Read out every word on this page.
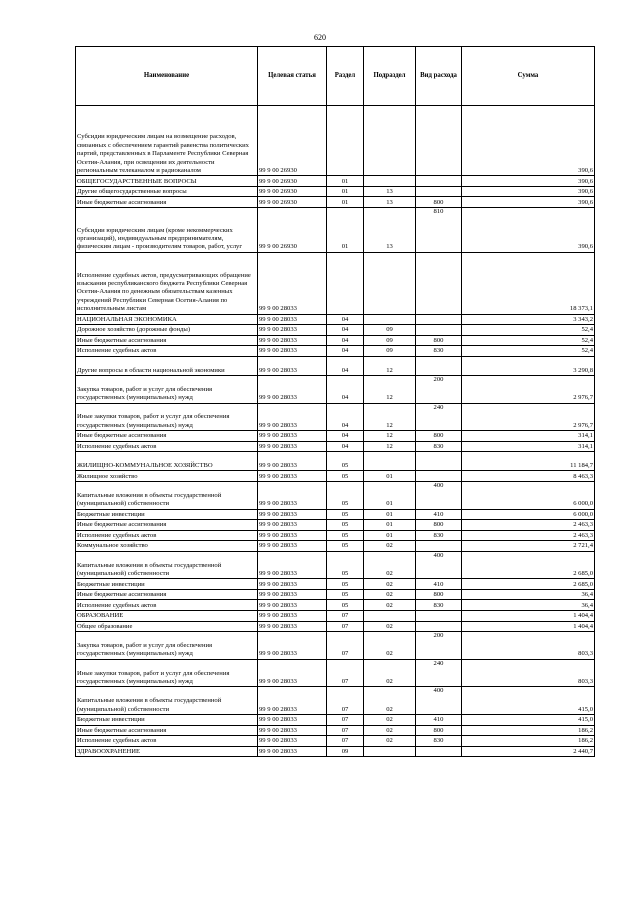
620
Наименование	Целевая статья	Раздел	Подраздел	Вид расхода	Сумма
Субсидии юридическим лицам на возмещение расходов, связанных с обеспечением гарантий равенства политических партий, представленных в Парламенте Республики Северная Осетия-Алания, при освещении их деятельности региональным телеканалом и радиоканалом	99 9 00 26930				390,6
ОБЩЕГОСУДАРСТВЕННЫЕ ВОПРОСЫ	99 9 00 26930	01			390,6
Другие общегосударственные вопросы	99 9 00 26930	01	13		390,6
Иные бюджетные ассигнования	99 9 00 26930	01	13	800	390,6
Субсидии юридическим лицам (кроме некоммерческих организаций), индивидуальным предпринимателям, физическим лицам - производителям товаров, работ, услуг	99 9 00 26930	01	13	810	390,6
Исполнение судебных актов, предусматривающих обращение взыскания республиканского бюджета Республики Северная Осетия-Алания по денежным обязательствам казенных учреждений Республики Северная Осетия-Алания по исполнительным листам	99 9 00 28033				18 373,1
НАЦИОНАЛЬНАЯ ЭКОНОМИКА	99 9 00 28033	04			3 343,2
Дорожное хозяйство (дорожные фонды)	99 9 00 28033	04	09		52,4
Иные бюджетные ассигнования	99 9 00 28033	04	09	800	52,4
Исполнение судебных актов	99 9 00 28033	04	09	830	52,4
Другие вопросы в области национальной экономики	99 9 00 28033	04	12		3 290,8
Закупка товаров, работ и услуг для обеспечения государственных (муниципальных) нужд	99 9 00 28033	04	12	200	2 976,7
Иные закупки товаров, работ и услуг для обеспечения государственных (муниципальных) нужд	99 9 00 28033	04	12	240	2 976,7
Иные бюджетные ассигнования	99 9 00 28033	04	12	800	314,1
Исполнение судебных актов	99 9 00 28033	04	12	830	314,1
ЖИЛИЩНО-КОММУНАЛЬНОЕ ХОЗЯЙСТВО	99 9 00 28033	05			11 184,7
Жилищное хозяйство	99 9 00 28033	05	01		8 463,3
Капитальные вложения в объекты государственной (муниципальной) собственности	99 9 00 28033	05	01	400	6 000,0
Бюджетные инвестиции	99 9 00 28033	05	01	410	6 000,0
Иные бюджетные ассигнования	99 9 00 28033	05	01	800	2 463,3
Исполнение судебных актов	99 9 00 28033	05	01	830	2 463,3
Коммунальное хозяйство	99 9 00 28033	05	02		2 721,4
Капитальные вложения в объекты государственной (муниципальной) собственности	99 9 00 28033	05	02	400	2 685,0
Бюджетные инвестиции	99 9 00 28033	05	02	410	2 685,0
Иные бюджетные ассигнования	99 9 00 28033	05	02	800	36,4
Исполнение судебных актов	99 9 00 28033	05	02	830	36,4
ОБРАЗОВАНИЕ	99 9 00 28033	07			1 404,4
Общее образование	99 9 00 28033	07	02		1 404,4
Закупка товаров, работ и услуг для обеспечения государственных (муниципальных) нужд	99 9 00 28033	07	02	200	803,3
Иные закупки товаров, работ и услуг для обеспечения государственных (муниципальных) нужд	99 9 00 28033	07	02	240	803,3
Капитальные вложения в объекты государственной (муниципальной) собственности	99 9 00 28033	07	02	400	415,0
Бюджетные инвестиции	99 9 00 28033	07	02	410	415,0
Иные бюджетные ассигнования	99 9 00 28033	07	02	800	186,2
Исполнение судебных актов	99 9 00 28033	07	02	830	186,2
ЗДРАВООХРАНЕНИЕ	99 9 00 28033	09			2 440,7
